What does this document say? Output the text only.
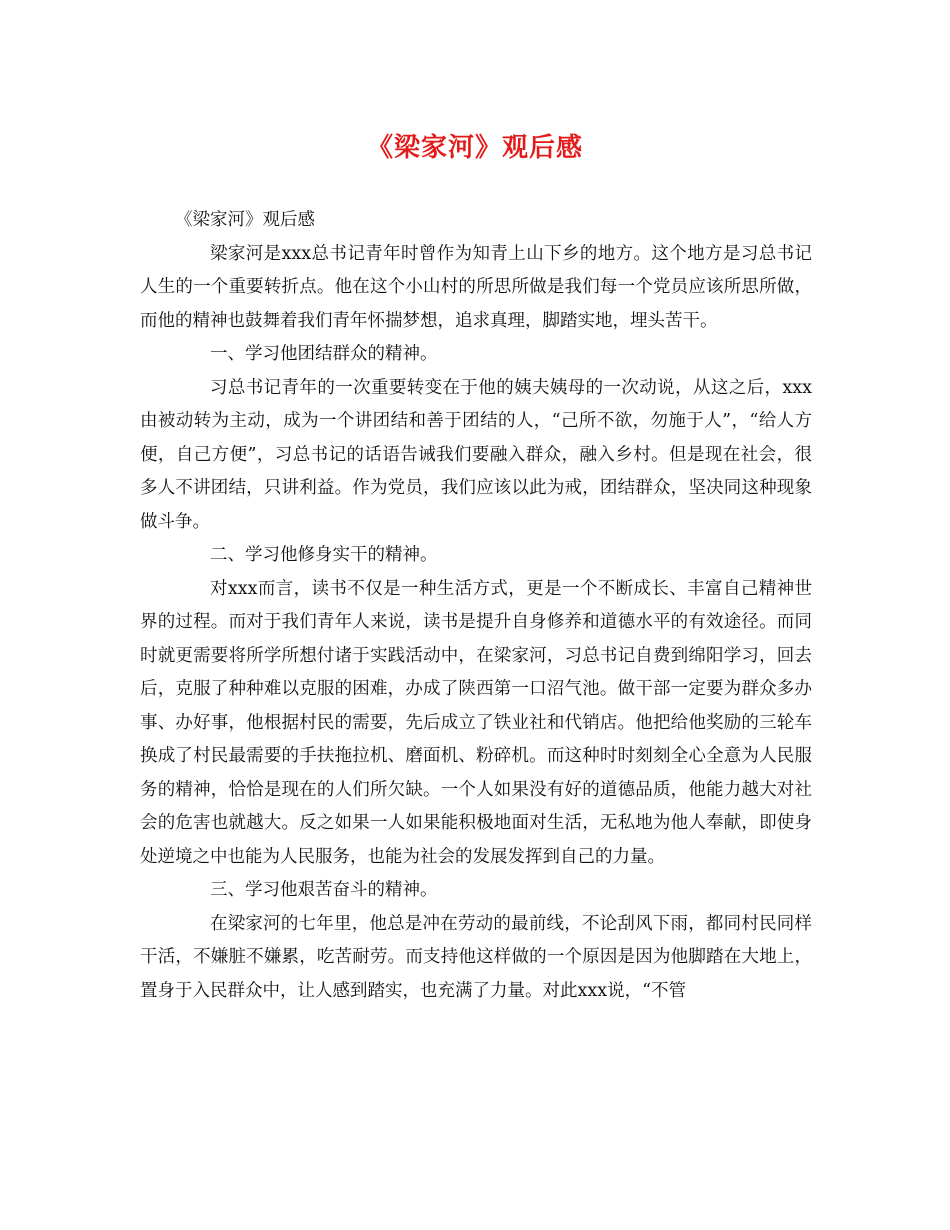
《梁家河》观后感

《梁家河》观后感

梁家河是xxx总书记青年时曾作为知青上山下乡的地方。这个地方是习总书记人生的一个重要转折点。他在这个小山村的所思所做是我们每一个党员应该所思所做，而他的精神也鼓舞着我们青年怀揣梦想，追求真理，脚踏实地，埋头苦干。

一、学习他团结群众的精神。

习总书记青年的一次重要转变在于他的姨夫姨母的一次动说，从这之后，xxx由被动转为主动，成为一个讲团结和善于团结的人，“己所不欲，勿施于人”，“给人方便，自己方便”，习总书记的话语告诫我们要融入群众，融入乡村。但是现在社会，很多人不讲团结，只讲利益。作为党员，我们应该以此为戒，团结群众，坚决同这种现象做斗争。

二、学习他修身实干的精神。

对xxx而言，读书不仅是一种生活方式，更是一个不断成长、丰富自己精神世界的过程。而对于我们青年人来说，读书是提升自身修养和道德水平的有效途径。而同时就更需要将所学所想付诸于实践活动中，在梁家河，习总书记自费到绵阳学习，回去后，克服了种种难以克服的困难，办成了陕西第一口沼气池。做干部一定要为群众多办事、办好事，他根据村民的需要，先后成立了铁业社和代销店。他把给他奖励的三轮车换成了村民最需要的手扶拖拉机、磨面机、粉碎机。而这种时时刻刻全心全意为人民服务的精神，恰恰是现在的人们所欠缺。一个人如果没有好的道德品质，他能力越大对社会的危害也就越大。反之如果一人如果能积极地面对生活，无私地为他人奉献，即使身处逆境之中也能为人民服务，也能为社会的发展发挥到自己的力量。

三、学习他艰苦奋斗的精神。

在梁家河的七年里，他总是冲在劳动的最前线，不论刮风下雨，都同村民同样干活，不嫌脏不嫌累，吃苦耐劳。而支持他这样做的一个原因是因为他脚踏在大地上，置身于入民群众中，让人感到踏实，也充满了力量。对此xxx说，“不管
